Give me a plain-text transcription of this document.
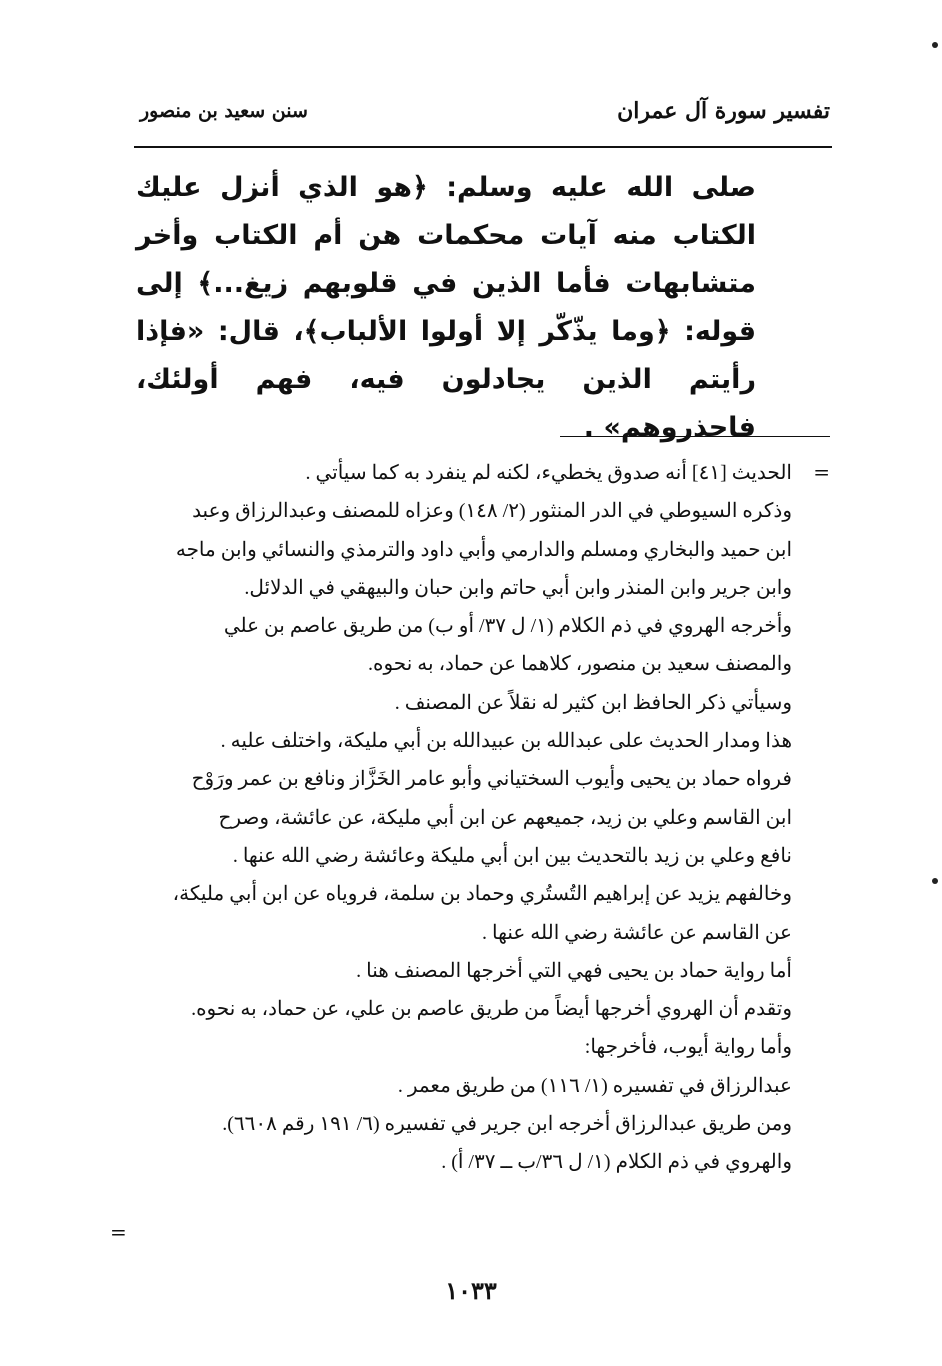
تفسير سورة آل عمران
سنن سعيد بن منصور
صلى الله عليه وسلم: ﴿هو الذي أنزل عليك الكتاب منه آيات محكمات هن أم الكتاب وأخر متشابهات فأما الذين في قلوبهم زيغ...﴾ إلى قوله: ﴿وما يذّكّر إلا أولوا الألباب﴾، قال: «فإذا رأيتم الذين يجادلون فيه، فهم أولئك، فاحذروهم» .
=
الحديث [٤١] أنه صدوق يخطيء، لكنه لم ينفرد به كما سيأتي .
وذكره السيوطي في الدر المنثور (٢/ ١٤٨) وعزاه للمصنف وعبدالرزاق وعبد
ابن حميد والبخاري ومسلم والدارمي وأبي داود والترمذي والنسائي وابن ماجه
وابن جرير وابن المنذر وابن أبي حاتم وابن حبان والبيهقي في الدلائل.
وأخرجه الهروي في ذم الكلام (١/ ل ٣٧/ أو ب) من طريق عاصم بن علي
والمصنف سعيد بن منصور، كلاهما عن حماد، به نحوه.
وسيأتي ذكر الحافظ ابن كثير له نقلاً عن المصنف .
هذا ومدار الحديث على عبدالله بن عبيدالله بن أبي مليكة، واختلف عليه .
فرواه حماد بن يحيى وأيوب السختياني وأبو عامر الخَزَّاز ونافع بن عمر ورَوْح
ابن القاسم وعلي بن زيد، جميعهم عن ابن أبي مليكة، عن عائشة، وصرح
نافع وعلي بن زيد بالتحديث بين ابن أبي مليكة وعائشة رضي الله عنها .
وخالفهم يزيد عن إبراهيم التُستُري وحماد بن سلمة، فروياه عن ابن أبي مليكة،
عن القاسم عن عائشة رضي الله عنها .
أما رواية حماد بن يحيى فهي التي أخرجها المصنف هنا .
وتقدم أن الهروي أخرجها أيضاً من طريق عاصم بن علي، عن حماد، به نحوه.
وأما رواية أيوب، فأخرجها:
عبدالرزاق في تفسيره (١/ ١١٦) من طريق معمر .
ومن طريق عبدالرزاق أخرجه ابن جرير في تفسيره (٦/ ١٩١ رقم ٦٦٠٨).
والهروي في ذم الكلام (١/ ل ٣٦/ب ــ ٣٧/ أ) .
=
١٠٣٣
